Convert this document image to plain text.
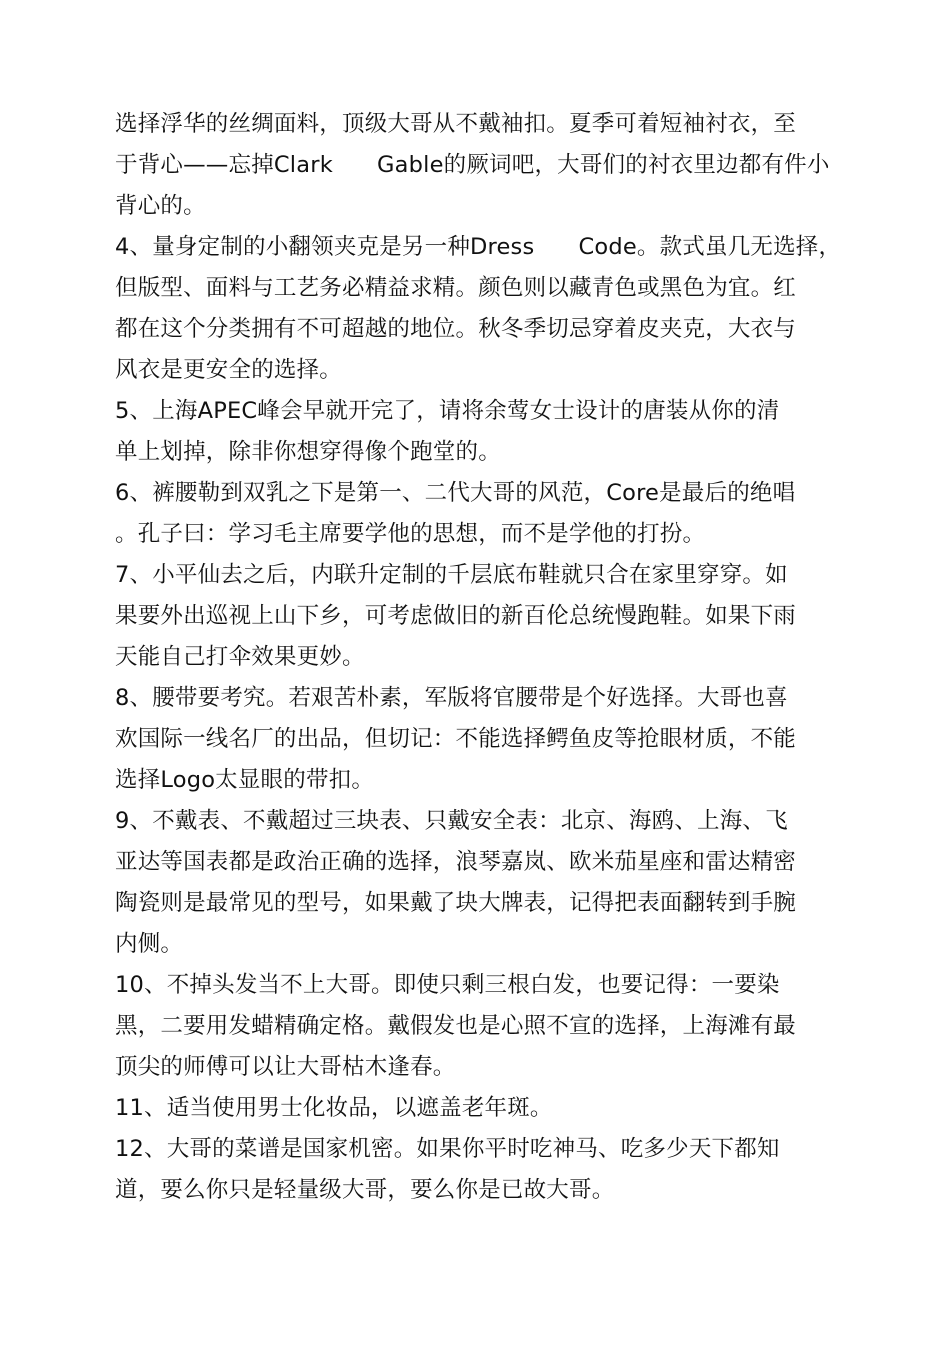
选择浮华的丝绸面料，顶级大哥从不戴袖扣。夏季可着短袖衬衣，至
于背心——忘掉Clark      Gable的厥词吧，大哥们的衬衣里边都有件小
背心的。
4、量身定制的小翻领夹克是另一种Dress      Code。款式虽几无选择，
但版型、面料与工艺务必精益求精。颜色则以藏青色或黑色为宜。红
都在这个分类拥有不可超越的地位。秋冬季切忌穿着皮夹克，大衣与
风衣是更安全的选择。
5、上海APEC峰会早就开完了，请将余莺女士设计的唐装从你的清
单上划掉，除非你想穿得像个跑堂的。
6、裤腰勒到双乳之下是第一、二代大哥的风范，Core是最后的绝唱
。孔子曰：学习毛主席要学他的思想，而不是学他的打扮。
7、小平仙去之后，内联升定制的千层底布鞋就只合在家里穿穿。如
果要外出巡视上山下乡，可考虑做旧的新百伦总统慢跑鞋。如果下雨
天能自己打伞效果更妙。
8、腰带要考究。若艰苦朴素，军版将官腰带是个好选择。大哥也喜
欢国际一线名厂的出品，但切记：不能选择鳄鱼皮等抢眼材质，不能
选择Logo太显眼的带扣。
9、不戴表、不戴超过三块表、只戴安全表：北京、海鸥、上海、飞
亚达等国表都是政治正确的选择，浪琴嘉岚、欧米茄星座和雷达精密
陶瓷则是最常见的型号，如果戴了块大牌表，记得把表面翻转到手腕
内侧。
10、不掉头发当不上大哥。即使只剩三根白发，也要记得：一要染
黑，二要用发蜡精确定格。戴假发也是心照不宣的选择，上海滩有最
顶尖的师傅可以让大哥枯木逢春。
11、适当使用男士化妆品，以遮盖老年斑。
12、大哥的菜谱是国家机密。如果你平时吃神马、吃多少天下都知
道，要么你只是轻量级大哥，要么你是已故大哥。
